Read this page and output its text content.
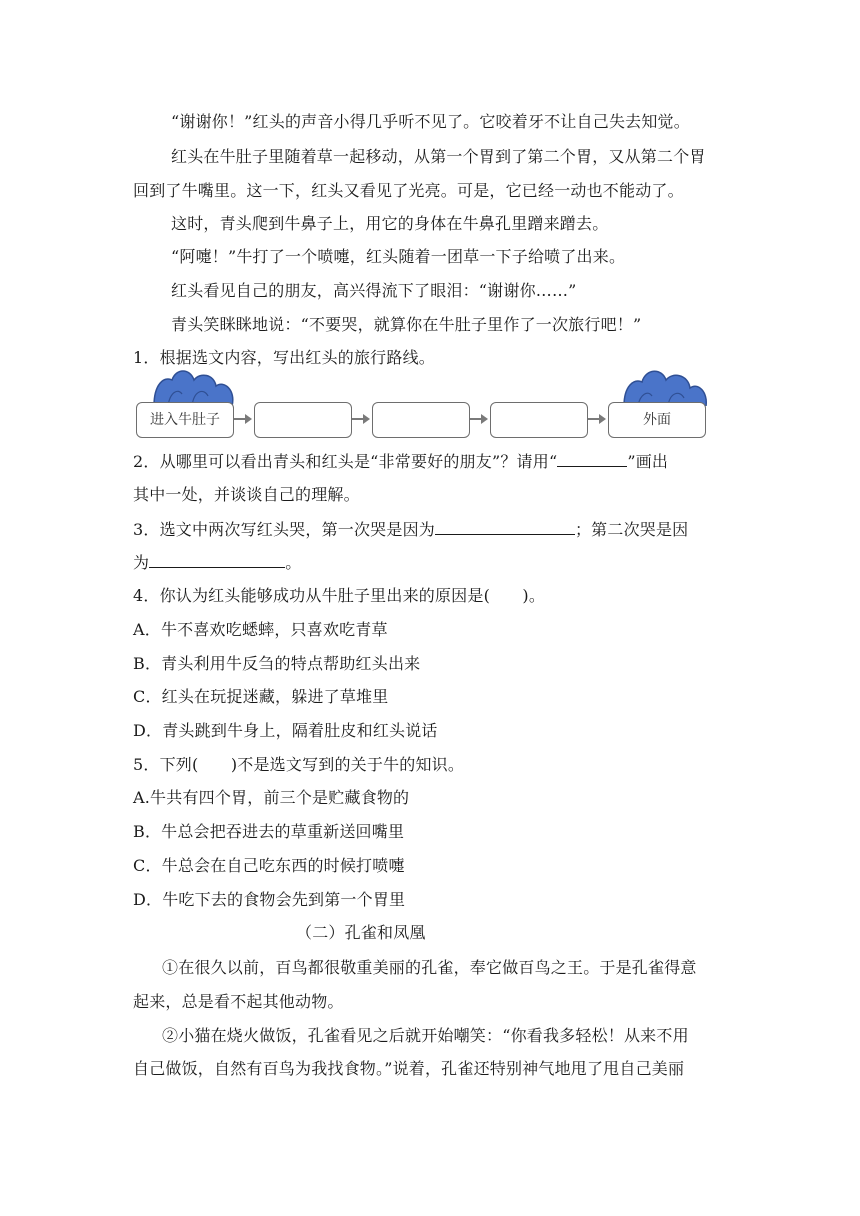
“谢谢你！”红头的声音小得几乎听不见了。它咬着牙不让自己失去知觉。
红头在牛肚子里随着草一起移动，从第一个胃到了第二个胃，又从第二个胃
回到了牛嘴里。这一下，红头又看见了光亮。可是，它已经一动也不能动了。
这时，青头爬到牛鼻子上，用它的身体在牛鼻孔里蹭来蹭去。
“阿嚏！”牛打了一个喷嚏，红头随着一团草一下子给喷了出来。
红头看见自己的朋友，高兴得流下了眼泪：“谢谢你……”
青头笑眯眯地说：“不要哭，就算你在牛肚子里作了一次旅行吧！”
1．根据选文内容，写出红头的旅行路线。
进入牛肚子	外面
2．从哪里可以看出青头和红头是“非常要好的朋友”？请用“	”画出
其中一处，并谈谈自己的理解。
3．选文中两次写红头哭，第一次哭是因为	；第二次哭是因
为	。
4．你认为红头能够成功从牛肚子里出来的原因是(　　)。
A．牛不喜欢吃蟋蟀，只喜欢吃青草
B．青头利用牛反刍的特点帮助红头出来
C．红头在玩捉迷藏，躲进了草堆里
D．青头跳到牛身上，隔着肚皮和红头说话
5．下列(　　)不是选文写到的关于牛的知识。
A.牛共有四个胃，前三个是贮藏食物的
B．牛总会把吞进去的草重新送回嘴里
C．牛总会在自己吃东西的时候打喷嚏
D．牛吃下去的食物会先到第一个胃里
（二）孔雀和凤凰
①在很久以前，百鸟都很敬重美丽的孔雀，奉它做百鸟之王。于是孔雀得意
起来，总是看不起其他动物。
②小猫在烧火做饭，孔雀看见之后就开始嘲笑：“你看我多轻松！从来不用
自己做饭，自然有百鸟为我找食物。”说着，孔雀还特别神气地甩了甩自己美丽
